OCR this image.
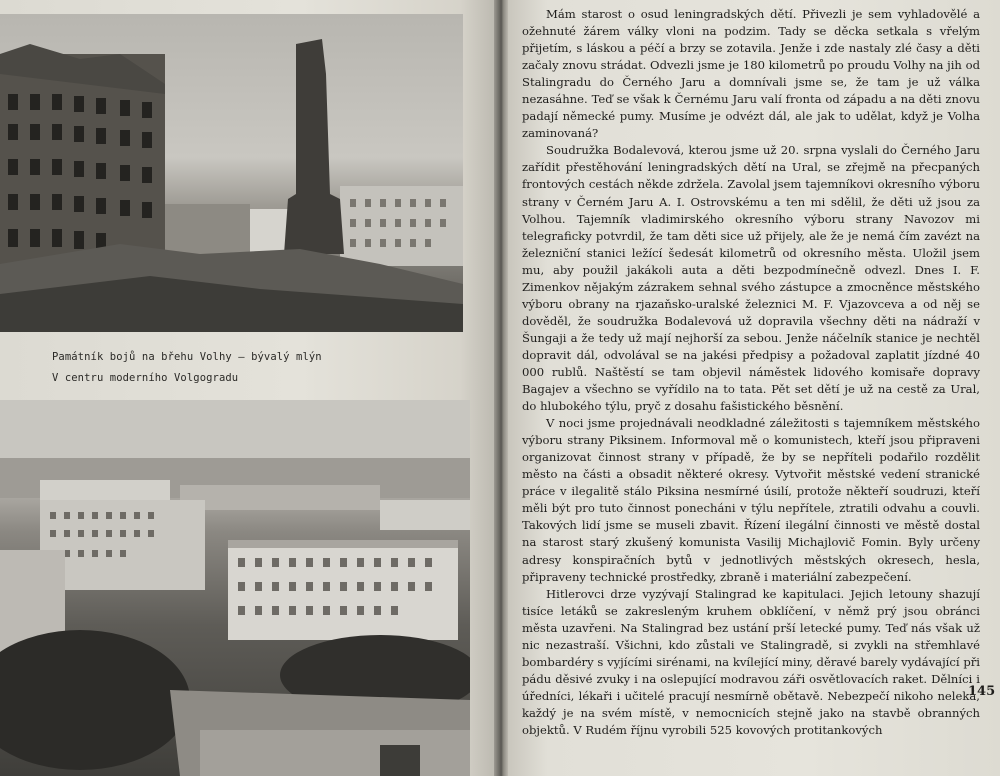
Památník bojů na břehu Volhy — bývalý mlýn
V centru moderního Volgogradu

Mám starost o osud leningradských dětí. Přivezli je sem vyhladovělé a ožehnuté žárem války vloni na podzim. Tady se děcka setkala s vřelým přijetím, s láskou a péčí a brzy se zotavila. Jenže i zde nastaly zlé časy a děti začaly znovu strádat. Odvezli jsme je 180 kilometrů po proudu Volhy na jih od Stalingradu do Černého Jaru a domnívali jsme se, že tam je už válka nezasáhne. Teď se však k Černému Jaru valí fronta od západu a na děti znovu padají německé pumy. Musíme je odvézt dál, ale jak to udělat, když je Volha zaminovaná?

Soudružka Bodalevová, kterou jsme už 20. srpna vyslali do Černého Jaru zařídit přestěhování leningradských dětí na Ural, se zřejmě na přecpaných frontových cestách někde zdržela. Zavolal jsem tajemníkovi okresního výboru strany v Černém Jaru A. I. Ostrovskému a ten mi sdělil, že děti už jsou za Volhou. Tajemník vladimirského okresního výboru strany Navozov mi telegraficky potvrdil, že tam děti sice už přijely, ale že je nemá čím zavézt na železniční stanici ležící šedesát kilometrů od okresního města. Uložil jsem mu, aby použil jakákoli auta a děti bezpodmínečně odvezl. Dnes I. F. Zimenkov nějakým zázrakem sehnal svého zástupce a zmocněnce městského výboru obrany na rjazaňsko-uralské železnici M. F. Vjazovceva a od něj se dověděl, že soudružka Bodalevová už dopravila všechny děti na nádraží v Šungaji a že tedy už mají nejhorší za sebou. Jenže náčelník stanice je nechtěl dopravit dál, odvolával se na jakési předpisy a požadoval zaplatit jízdné 40 000 rublů. Naštěstí se tam objevil náměstek lidového komisaře dopravy Bagajev a všechno se vyřídilo na to tata. Pět set dětí je už na cestě za Ural, do hlubokého týlu, pryč z dosahu fašistického běsnění.

V noci jsme projednávali neodkladné záležitosti s tajemníkem městského výboru strany Piksinem. Informoval mě o komunistech, kteří jsou připraveni organizovat činnost strany v případě, že by se nepříteli podařilo rozdělit město na části a obsadit některé okresy. Vytvořit městské vedení stranické práce v ilegalitě stálo Piksina nesmírné úsilí, protože někteří soudruzi, kteří měli být pro tuto činnost ponecháni v týlu nepřítele, ztratili odvahu a couvli. Takových lidí jsme se museli zbavit. Řízení ilegální činnosti ve městě dostal na starost starý zkušený komunista Vasilij Michajlovič Fomin. Byly určeny adresy konspiračních bytů v jednotlivých městských okresech, hesla, připraveny technické prostředky, zbraně i materiální zabezpečení.

Hitlerovci drze vyzývají Stalingrad ke kapitulaci. Jejich letouny shazují tisíce letáků se zakresleným kruhem obklíčení, v němž prý jsou obránci města uzavřeni. Na Stalingrad bez ustání prší letecké pumy. Teď nás však už nic nezastraší. Všichni, kdo zůstali ve Stalingradě, si zvykli na střemhlavé bombardéry s vyjícími sirénami, na kvílející miny, děravé barely vydávající při pádu děsivé zvuky i na oslepující modravou záři osvětlovacích raket. Dělníci i úředníci, lékaři i učitelé pracují nesmírně obětavě. Nebezpečí nikoho neleká, každý je na svém místě, v nemocnicích stejně jako na stavbě obranných objektů. V Rudém říjnu vyrobili 525 kovových protitankových

145
